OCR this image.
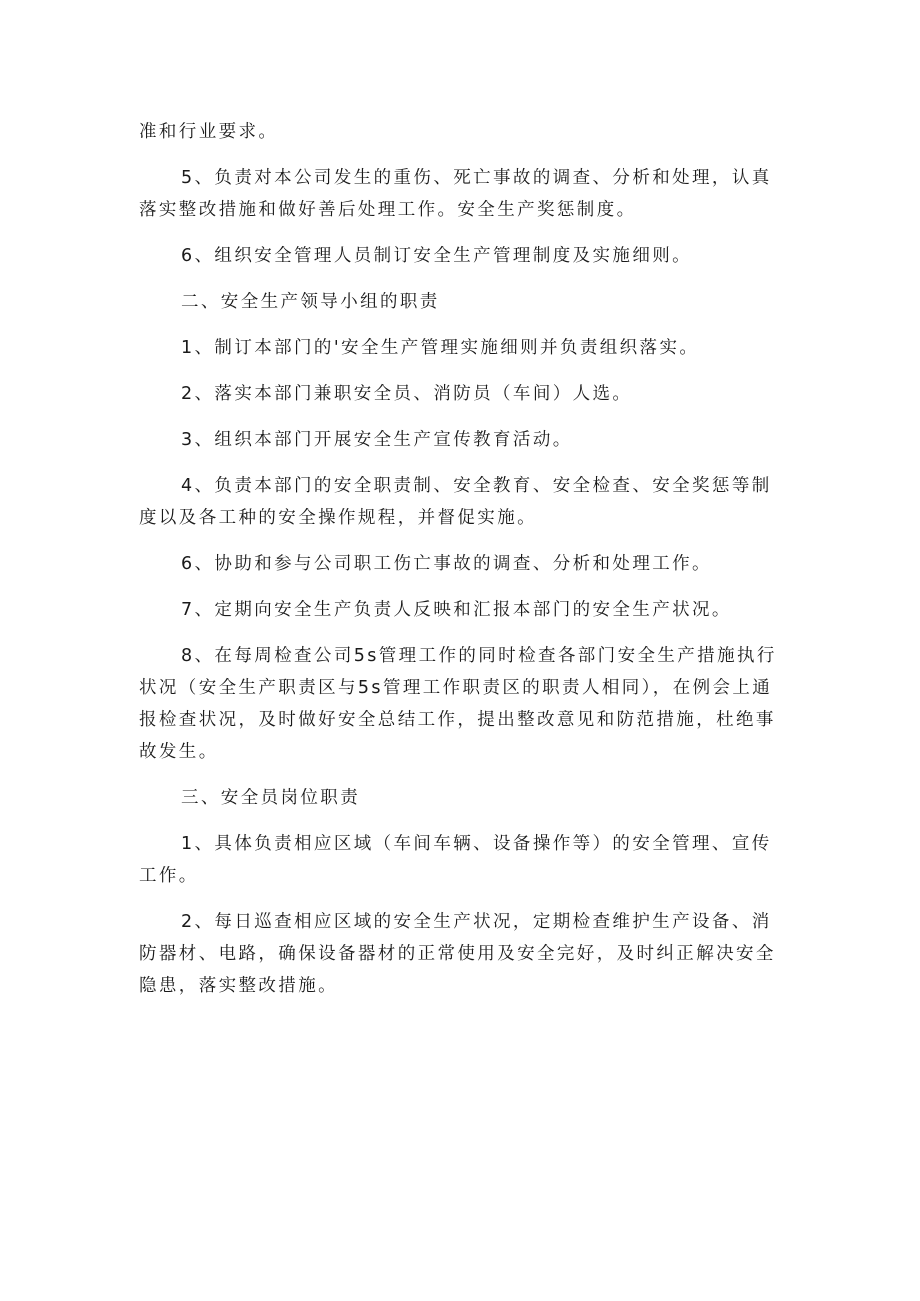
准和行业要求。
5、负责对本公司发生的重伤、死亡事故的调查、分析和处理，认真
落实整改措施和做好善后处理工作。安全生产奖惩制度。
6、组织安全管理人员制订安全生产管理制度及实施细则。
二、安全生产领导小组的职责
1、制订本部门的'安全生产管理实施细则并负责组织落实。
2、落实本部门兼职安全员、消防员（车间）人选。
3、组织本部门开展安全生产宣传教育活动。
4、负责本部门的安全职责制、安全教育、安全检查、安全奖惩等制
度以及各工种的安全操作规程，并督促实施。
6、协助和参与公司职工伤亡事故的调查、分析和处理工作。
7、定期向安全生产负责人反映和汇报本部门的安全生产状况。
8、在每周检查公司5s管理工作的同时检查各部门安全生产措施执行
状况（安全生产职责区与5s管理工作职责区的职责人相同），在例会上通
报检查状况，及时做好安全总结工作，提出整改意见和防范措施，杜绝事
故发生。
三、安全员岗位职责
1、具体负责相应区域（车间车辆、设备操作等）的安全管理、宣传
工作。
2、每日巡查相应区域的安全生产状况，定期检查维护生产设备、消
防器材、电路，确保设备器材的正常使用及安全完好，及时纠正解决安全
隐患，落实整改措施。
